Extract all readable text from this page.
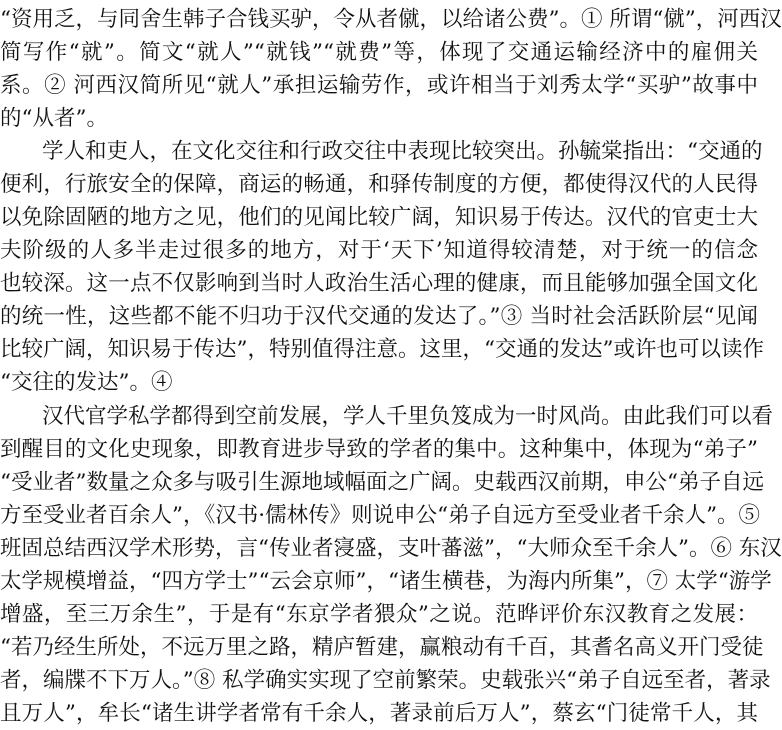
“资用乏，与同舍生韩子合钱买驴，令从者僦，以给诸公费”。① 所谓“僦”，河西汉
简写作“就”。简文“就人”“就钱”“就费”等，体现了交通运输经济中的雇佣关
系。② 河西汉简所见“就人”承担运输劳作，或许相当于刘秀太学“买驴”故事中
的“从者”。
学人和吏人，在文化交往和行政交往中表现比较突出。孙毓棠指出：“交通的
便利，行旅安全的保障，商运的畅通，和驿传制度的方便，都使得汉代的人民得
以免除固陋的地方之见，他们的见闻比较广阔，知识易于传达。汉代的官吏士大
夫阶级的人多半走过很多的地方，对于‘天下’知道得较清楚，对于统一的信念
也较深。这一点不仅影响到当时人政治生活心理的健康，而且能够加强全国文化
的统一性，这些都不能不归功于汉代交通的发达了。”③ 当时社会活跃阶层“见闻
比较广阔，知识易于传达”，特别值得注意。这里，“交通的发达”或许也可以读作
“交往的发达”。④
汉代官学私学都得到空前发展，学人千里负笈成为一时风尚。由此我们可以看
到醒目的文化史现象，即教育进步导致的学者的集中。这种集中，体现为“弟子”
“受业者”数量之众多与吸引生源地域幅面之广阔。史载西汉前期，申公“弟子自远
方至受业者百余人”，《汉书·儒林传》则说申公“弟子自远方至受业者千余人”。⑤
班固总结西汉学术形势，言“传业者寖盛，支叶蕃滋”，“大师众至千余人”。⑥ 东汉
太学规模增益，“四方学士”“云会京师”，“诸生横巷，为海内所集”，⑦ 太学“游学
增盛，至三万余生”，于是有“东京学者猥众”之说。范晔评价东汉教育之发展：
“若乃经生所处，不远万里之路，精庐暂建，赢粮动有千百，其耆名高义开门受徒
者，编牒不下万人。”⑧ 私学确实实现了空前繁荣。史载张兴“弟子自远至者，著录
且万人”，牟长“诸生讲学者常有千余人，著录前后万人”，蔡玄“门徒常千人，其
